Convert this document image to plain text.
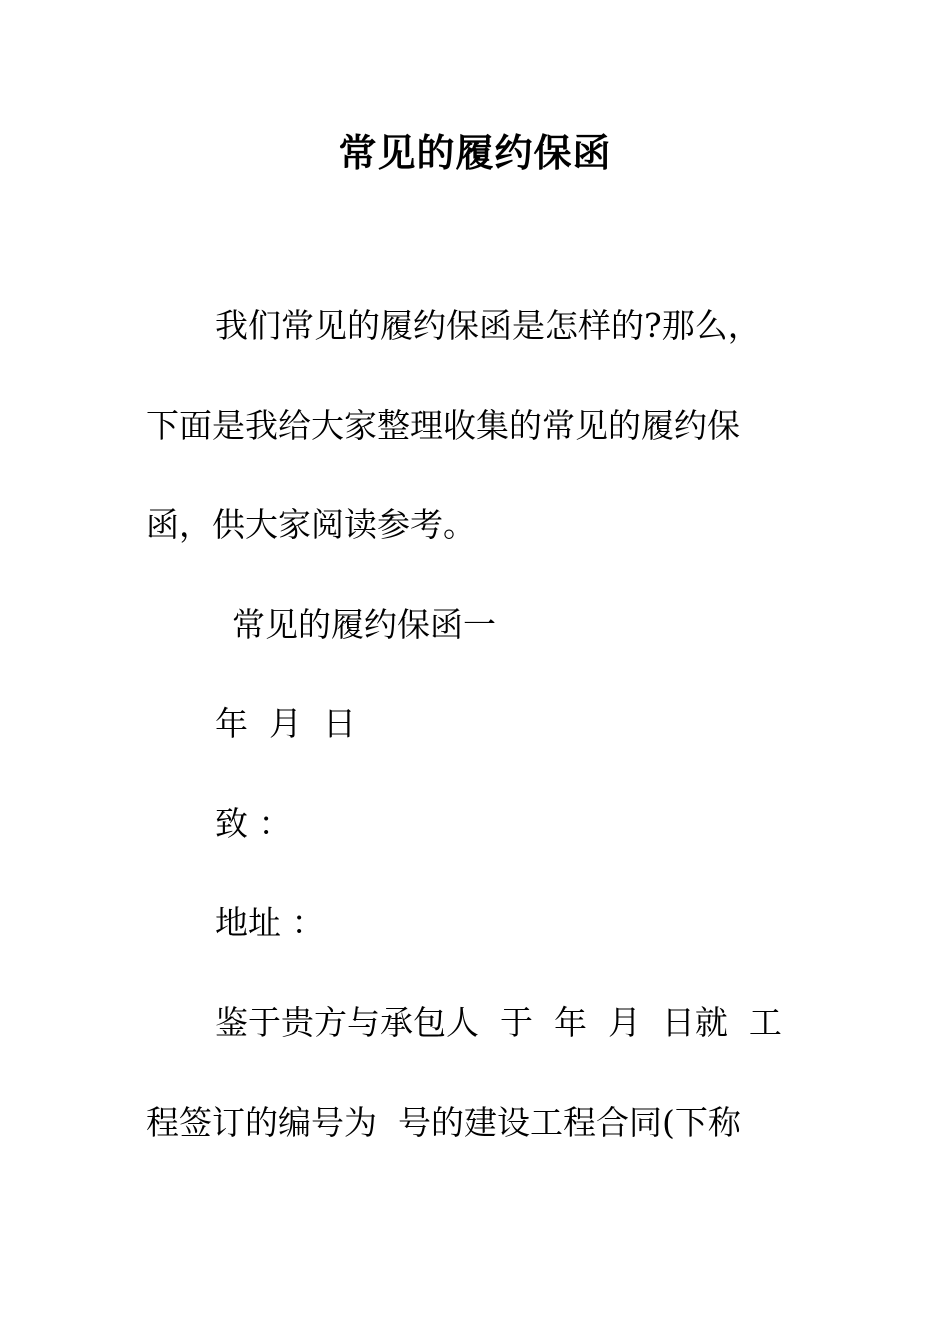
常见的履约保函
我们常见的履约保函是怎样的?那么，
下面是我给大家整理收集的常见的履约保
函，供大家阅读参考。
常见的履约保函一
年  月  日
致 ：
地址 ：
鉴于贵方与承包人  于  年  月  日就  工
程签订的编号为  号的建设工程合同(下称
